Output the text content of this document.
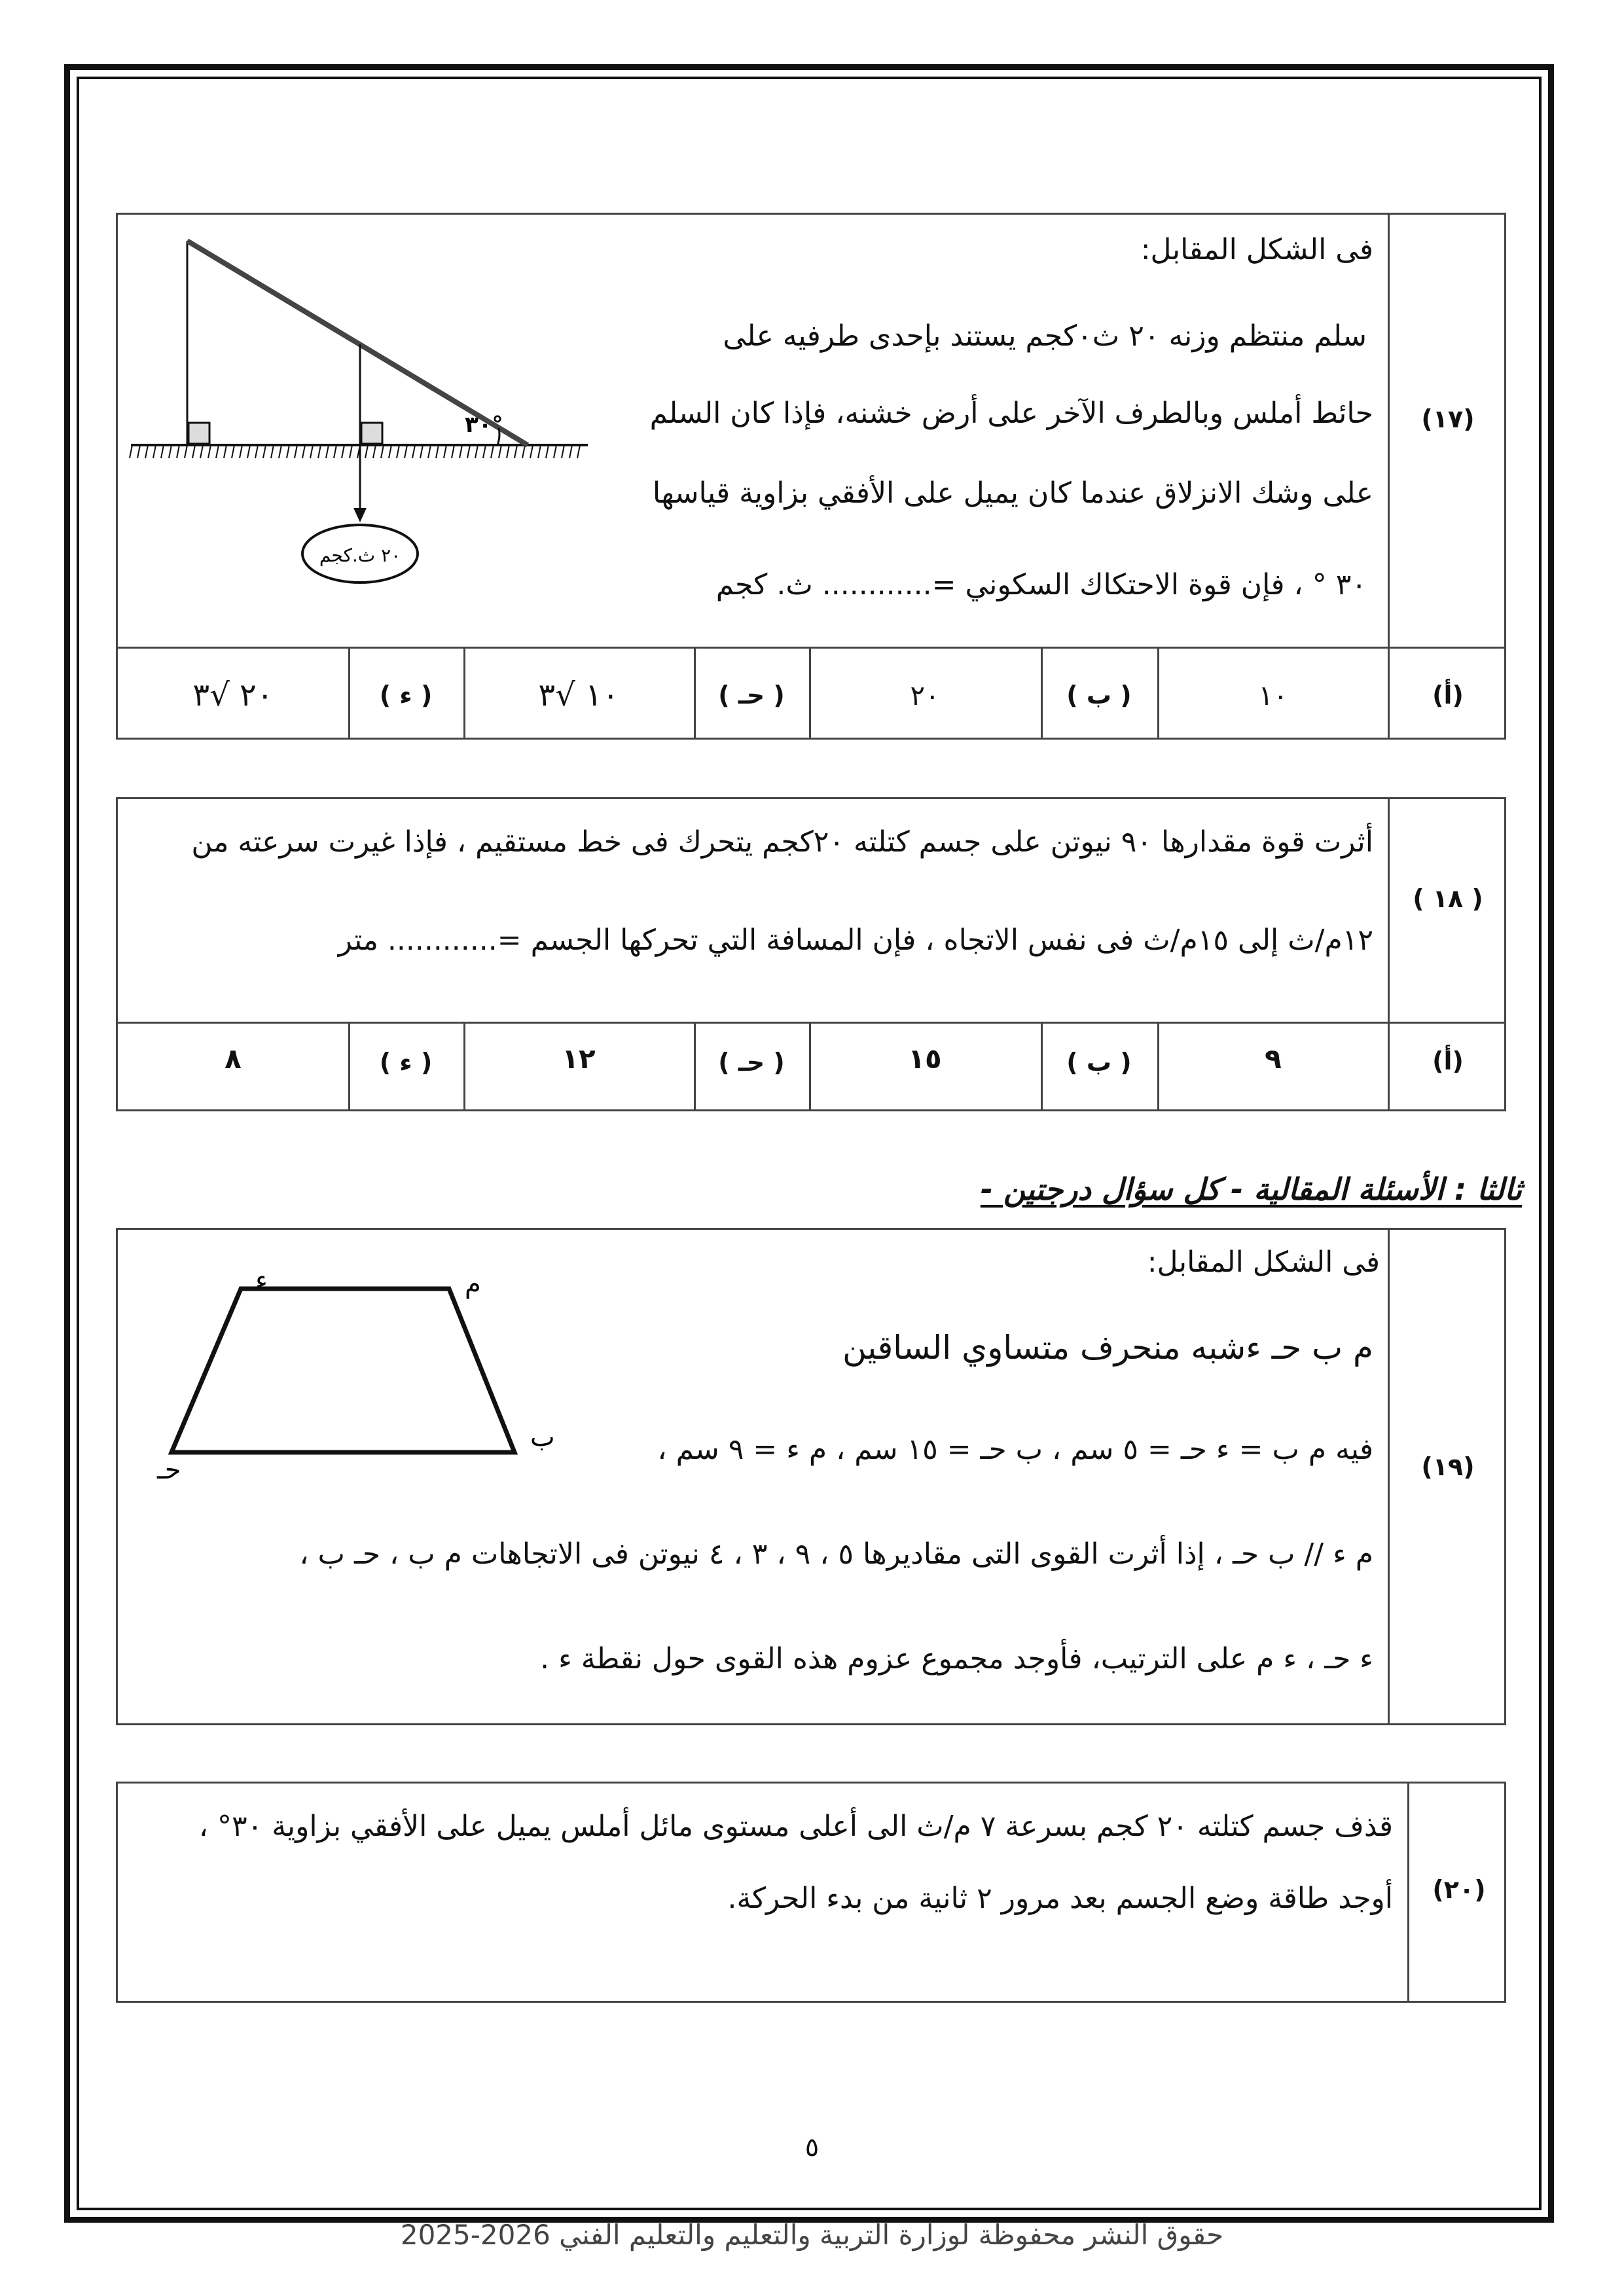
(١٧)
فى الشكل المقابل:
سلم منتظم وزنه ٢٠ ث٠كجم يستند بإحدى طرفيه على
حائط أملس وبالطرف الآخر على أرض خشنه، فإذا كان السلم
على وشك الانزلاق عندما كان يميل على الأفقي بزاوية قياسها
٣٠ ° ، فإن قوة الاحتكاك السكوني =............ ث. كجم
٣٠°
٢٠ ث.كجم
(أ)
١٠
( ب )
٢٠
( حـ )
١٠ √٣
( ء )
٢٠ √٣
( ١٨ )
أثرت قوة مقدارها ٩٠ نيوتن على جسم كتلته ٢٠كجم يتحرك فى خط مستقيم ، فإذا غيرت سرعته من
١٢م/ث إلى ١٥م/ث فى نفس الاتجاه ، فإن المسافة التي تحركها الجسم =............ متر
(أ)
٩
( ب )
١٥
( حـ )
١٢
( ء )
٨
ثالثا : الأسئلة المقالية - كل سؤال درجتين -
(١٩)
فى الشكل المقابل:
م ب حـ ءشبه منحرف متساوي الساقين
فيه م ب = ء حـ = ٥ سم ، ب حـ = ١٥ سم ، م ء = ٩ سم ،
م ء // ب حـ ، إذا أثرت القوى التى مقاديرها ٥ ، ٩ ، ٣ ، ٤ نيوتن فى الاتجاهات م ب ، حـ ب ،
ء حـ ، ء م على الترتيب، فأوجد مجموع عزوم هذه القوى حول نقطة ء .
ء	م
ب
حـ
(٢٠)
قذف جسم كتلته ٢٠ كجم بسرعة ٧ م/ث الى أعلى مستوى مائل أملس يميل على الأفقي بزاوية ٣٠° ،
أوجد طاقة وضع الجسم بعد مرور ٢ ثانية من بدء الحركة.
٥
حقوق النشر محفوظة لوزارة التربية والتعليم والتعليم الفني 2026-2025
